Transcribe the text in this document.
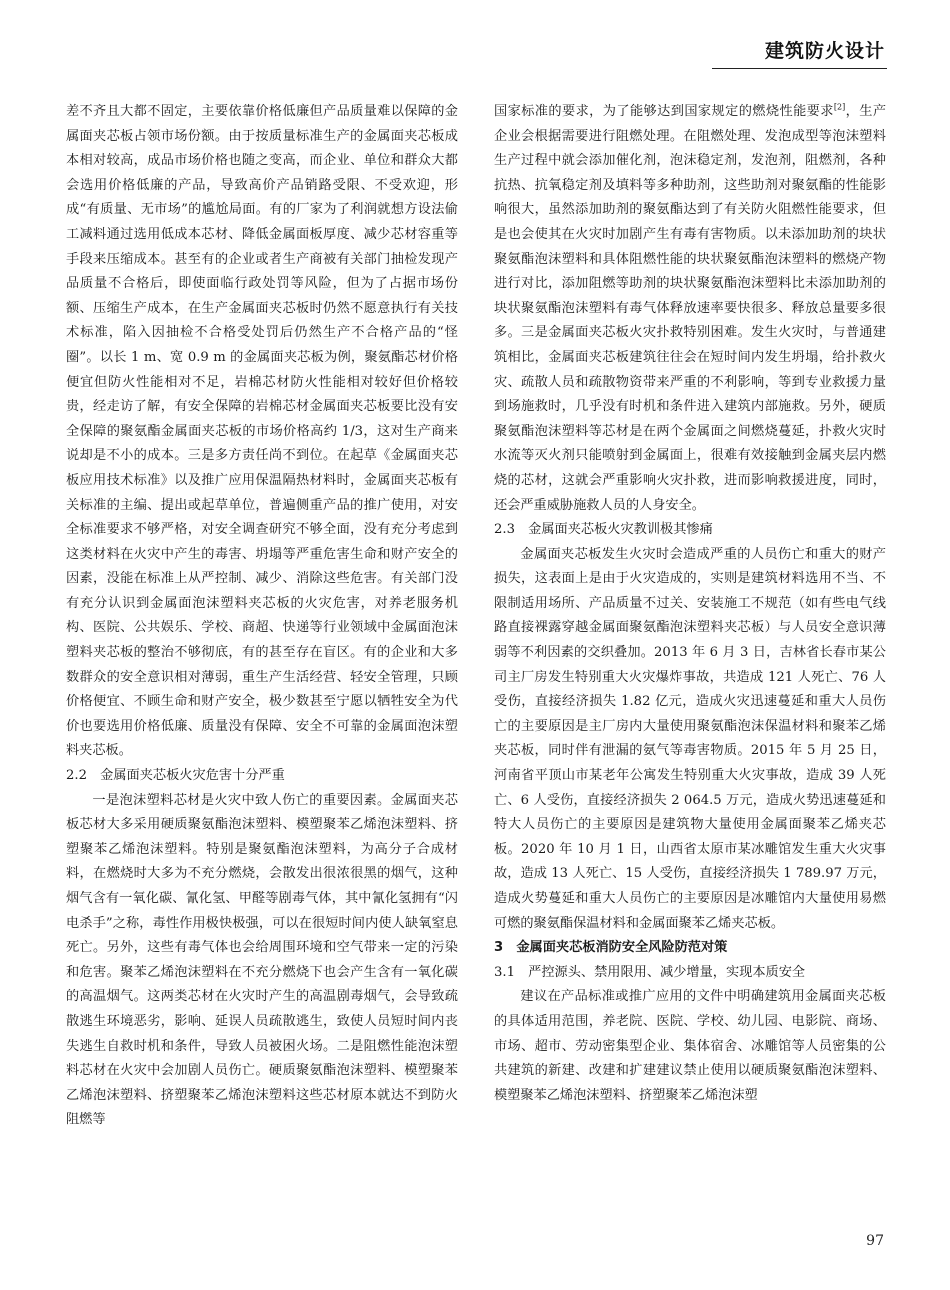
建筑防火设计

差不齐且大都不固定，主要依靠价格低廉但产品质量难以保障的金属面夹芯板占领市场份额。由于按质量标准生产的金属面夹芯板成本相对较高，成品市场价格也随之变高，而企业、单位和群众大都会选用价格低廉的产品，导致高价产品销路受限、不受欢迎，形成“有质量、无市场”的尴尬局面。有的厂家为了利润就想方设法偷工减料通过选用低成本芯材、降低金属面板厚度、减少芯材容重等手段来压缩成本。甚至有的企业或者生产商被有关部门抽检发现产品质量不合格后，即使面临行政处罚等风险，但为了占据市场份额、压缩生产成本，在生产金属面夹芯板时仍然不愿意执行有关技术标准，陷入因抽检不合格受处罚后仍然生产不合格产品的“怪圈”。以长 1 m、宽 0.9 m 的金属面夹芯板为例，聚氨酯芯材价格便宜但防火性能相对不足，岩棉芯材防火性能相对较好但价格较贵，经走访了解，有安全保障的岩棉芯材金属面夹芯板要比没有安全保障的聚氨酯金属面夹芯板的市场价格高约 1/3，这对生产商来说却是不小的成本。三是多方责任尚不到位。在起草《金属面夹芯板应用技术标准》以及推广应用保温隔热材料时，金属面夹芯板有关标准的主编、提出或起草单位，普遍侧重产品的推广使用，对安全标准要求不够严格，对安全调查研究不够全面，没有充分考虑到这类材料在火灾中产生的毒害、坍塌等严重危害生命和财产安全的因素，没能在标准上从严控制、减少、消除这些危害。有关部门没有充分认识到金属面泡沫塑料夹芯板的火灾危害，对养老服务机构、医院、公共娱乐、学校、商超、快递等行业领域中金属面泡沫塑料夹芯板的整治不够彻底，有的甚至存在盲区。有的企业和大多数群众的安全意识相对薄弱，重生产生活经营、轻安全管理，只顾价格便宜、不顾生命和财产安全，极少数甚至宁愿以牺牲安全为代价也要选用价格低廉、质量没有保障、安全不可靠的金属面泡沫塑料夹芯板。

2.2　金属面夹芯板火灾危害十分严重

一是泡沫塑料芯材是火灾中致人伤亡的重要因素。金属面夹芯板芯材大多采用硬质聚氨酯泡沫塑料、模塑聚苯乙烯泡沫塑料、挤塑聚苯乙烯泡沫塑料。特别是聚氨酯泡沫塑料，为高分子合成材料，在燃烧时大多为不充分燃烧，会散发出很浓很黑的烟气，这种烟气含有一氧化碳、氰化氢、甲醛等剧毒气体，其中氰化氢拥有“闪电杀手”之称，毒性作用极快极强，可以在很短时间内使人缺氧窒息死亡。另外，这些有毒气体也会给周围环境和空气带来一定的污染和危害。聚苯乙烯泡沫塑料在不充分燃烧下也会产生含有一氧化碳的高温烟气。这两类芯材在火灾时产生的高温剧毒烟气，会导致疏散逃生环境恶劣，影响、延误人员疏散逃生，致使人员短时间内丧失逃生自救时机和条件，导致人员被困火场。二是阻燃性能泡沫塑料芯材在火灾中会加剧人员伤亡。硬质聚氨酯泡沫塑料、模塑聚苯乙烯泡沫塑料、挤塑聚苯乙烯泡沫塑料这些芯材原本就达不到防火阻燃等

国家标准的要求，为了能够达到国家规定的燃烧性能要求[2]，生产企业会根据需要进行阻燃处理。在阻燃处理、发泡成型等泡沫塑料生产过程中就会添加催化剂，泡沫稳定剂，发泡剂，阻燃剂，各种抗热、抗氧稳定剂及填料等多种助剂，这些助剂对聚氨酯的性能影响很大，虽然添加助剂的聚氨酯达到了有关防火阻燃性能要求，但是也会使其在火灾时加剧产生有毒有害物质。以未添加助剂的块状聚氨酯泡沫塑料和具体阻燃性能的块状聚氨酯泡沫塑料的燃烧产物进行对比，添加阻燃等助剂的块状聚氨酯泡沫塑料比未添加助剂的块状聚氨酯泡沫塑料有毒气体释放速率要快很多、释放总量要多很多。三是金属面夹芯板火灾扑救特别困难。发生火灾时，与普通建筑相比，金属面夹芯板建筑往往会在短时间内发生坍塌，给扑救火灾、疏散人员和疏散物资带来严重的不利影响，等到专业救援力量到场施救时，几乎没有时机和条件进入建筑内部施救。另外，硬质聚氨酯泡沫塑料等芯材是在两个金属面之间燃烧蔓延，扑救火灾时水流等灭火剂只能喷射到金属面上，很难有效接触到金属夹层内燃烧的芯材，这就会严重影响火灾扑救，进而影响救援进度，同时，还会严重威胁施救人员的人身安全。

2.3　金属面夹芯板火灾教训极其惨痛

金属面夹芯板发生火灾时会造成严重的人员伤亡和重大的财产损失，这表面上是由于火灾造成的，实则是建筑材料选用不当、不限制适用场所、产品质量不过关、安装施工不规范（如有些电气线路直接裸露穿越金属面聚氨酯泡沫塑料夹芯板）与人员安全意识薄弱等不利因素的交织叠加。2013 年 6 月 3 日，吉林省长春市某公司主厂房发生特别重大火灾爆炸事故，共造成 121 人死亡、76 人受伤，直接经济损失 1.82 亿元，造成火灾迅速蔓延和重大人员伤亡的主要原因是主厂房内大量使用聚氨酯泡沫保温材料和聚苯乙烯夹芯板，同时伴有泄漏的氨气等毒害物质。2015 年 5 月 25 日，河南省平顶山市某老年公寓发生特别重大火灾事故，造成 39 人死亡、6 人受伤，直接经济损失 2 064.5 万元，造成火势迅速蔓延和特大人员伤亡的主要原因是建筑物大量使用金属面聚苯乙烯夹芯板。2020 年 10 月 1 日，山西省太原市某冰雕馆发生重大火灾事故，造成 13 人死亡、15 人受伤，直接经济损失 1 789.97 万元，造成火势蔓延和重大人员伤亡的主要原因是冰雕馆内大量使用易燃可燃的聚氨酯保温材料和金属面聚苯乙烯夹芯板。

3　金属面夹芯板消防安全风险防范对策

3.1　严控源头、禁用限用、减少增量，实现本质安全

建议在产品标准或推广应用的文件中明确建筑用金属面夹芯板的具体适用范围，养老院、医院、学校、幼儿园、电影院、商场、市场、超市、劳动密集型企业、集体宿舍、冰雕馆等人员密集的公共建筑的新建、改建和扩建建议禁止使用以硬质聚氨酯泡沫塑料、模塑聚苯乙烯泡沫塑料、挤塑聚苯乙烯泡沫塑

97
